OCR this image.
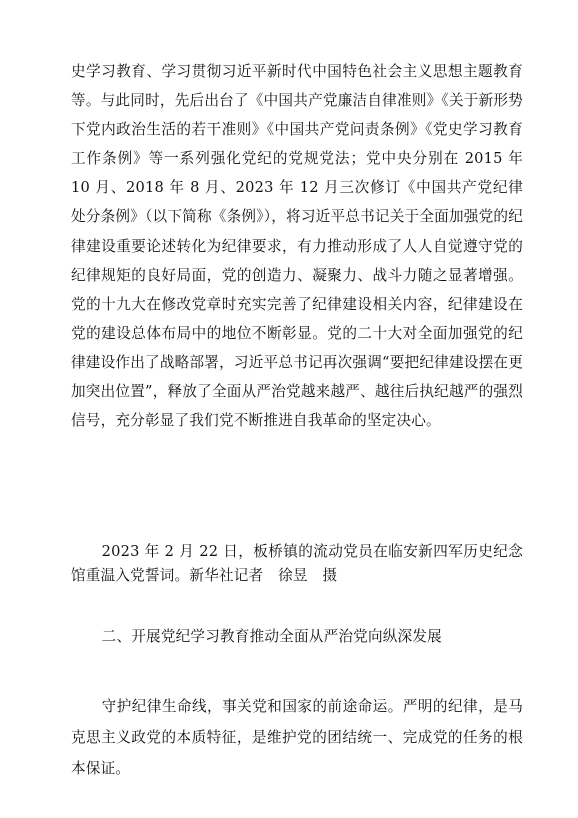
史学习教育、学习贯彻习近平新时代中国特色社会主义思想主题教育等。与此同时，先后出台了《中国共产党廉洁自律准则》《关于新形势下党内政治生活的若干准则》《中国共产党问责条例》《党史学习教育工作条例》等一系列强化党纪的党规党法；党中央分别在 2015 年 10 月、2018 年 8 月、2023 年 12 月三次修订《中国共产党纪律处分条例》（以下简称《条例》），将习近平总书记关于全面加强党的纪律建设重要论述转化为纪律要求，有力推动形成了人人自觉遵守党的纪律规矩的良好局面，党的创造力、凝聚力、战斗力随之显著增强。党的十九大在修改党章时充实完善了纪律建设相关内容，纪律建设在党的建设总体布局中的地位不断彰显。党的二十大对全面加强党的纪律建设作出了战略部署，习近平总书记再次强调“要把纪律建设摆在更加突出位置”，释放了全面从严治党越来越严、越往后执纪越严的强烈信号，充分彰显了我们党不断推进自我革命的坚定决心。

2023 年 2 月 22 日，板桥镇的流动党员在临安新四军历史纪念馆重温入党誓词。新华社记者　徐昱　摄

二、开展党纪学习教育推动全面从严治党向纵深发展

守护纪律生命线，事关党和国家的前途命运。严明的纪律，是马克思主义政党的本质特征，是维护党的团结统一、完成党的任务的根本保证。
